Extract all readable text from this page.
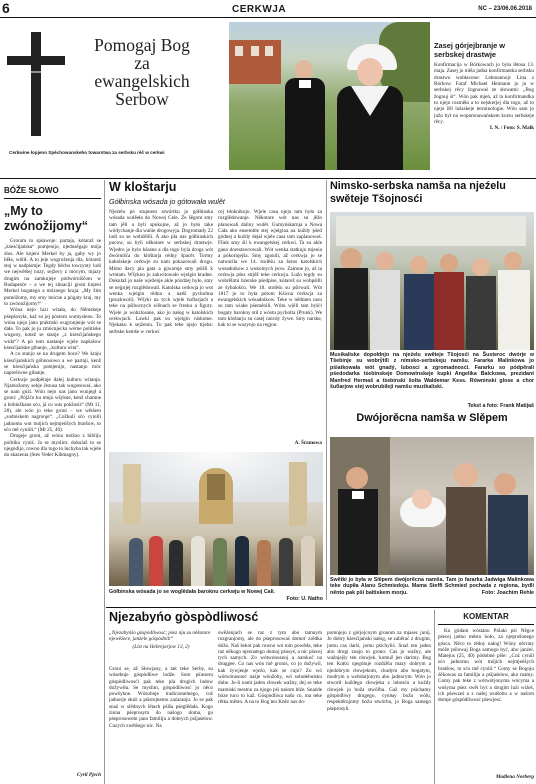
6	CERKWJA	NC – 23/06.06.2018
Pomogaj Bog
za
ewangelskich
Serbow
Cerkwine łopjeno Spěchowanskeho towarstwa za serbsku rěč w cerkwi
Zasej górjejbranje w serbskej drastwje
Konfirmacija w Bórkowach jo była lětosa 13. maja. Zasej jo měla jadna konfirmantka serbsku drastwu wobłacone: Lehmannojc Lina z Bórkow. Faraf Michael Heimann jo ju w serbskej rěcy žognował ze słowami: „Bog žognuj śi“. Wón pak mjeń, až ta konfirmandka to njejo rozměła a to nejskerjej dla togo, až to njejo žěl lušaskeje terminologie. Wón sam jo južo był na wopomnawańskem kursu serbskeje rěcy.
I. N. / Foto: S. Malk
BÓŽE SŁOWO
„My to
zwónožijomy“
Gronim to spśawnje: partaja, kótaraž se „kśesćijańska“ pomjenijo, njedosěgajo mója złos. Ale knjeni Merkel by ja, gaby wy jo běła, wólił. A to jeje wugroženja dla, kótarež stoj w nadpismje: Tegdy běchu towzynty ludi we nejwětšej nuzy, sejžecy z mócym, mjazy drugim na zamknjeje pódwórniščom w Budapesće – a we tej situaciji groni knjeni Merkel bogatego a móznego kraja: „My žim pomóžomy, my smy mócne a pógaty kraj, my to zwónožijomy!“
Wónа nejo luzi witała, do Němskeje pśepšosyła, kaž su jej póstom wumyslenu. To wóna njejo jano praktiski wugronjenje wót se dała. To pak jo ju zmócnjecka wérne politiske wugony, kotež se stanje „z kśesćijańskego wida“? A pó tom nastanje wjele napšašow kśesćijańske gibanje, „kultura wita“.
A co stanjo se na drugem boce? We kraju kśesćijańskich góbnosowo a we partaji, kenž se kśesćijańska pomjenijo, nastanjo móc naprešiwne gibanje.
Cerkwje podpěraje dalej kulturu witanja. Njamožomy sebje Jezusa tak wugotowaś, ako se nam góźi. Wón nejo nas jano wunjegł a groni: „Pójźćo ku mnjo wšykne, kenž chamne a bóbiežkane sćo, já cu was pokšosiś“ (Mt 11, 28), ale wón jo teke groni – we wětšem „sudniskem nagronje“. „Cožkuli sćo cyniili jadnomu wot mójich nejmjeńšych bratšow, to sćo mě cyniili.“ (Mt 25, 40).
Drugeje groni, až wóna móžno z bibliju politiku cyniś. Ja se myslim: dokulaž to se njegódijo, rowno dla togo to luchyba tak wjele do skazenia (Stes Veder Kibmagny).
Cyril Pjech
W kloštarju
Gółbinska wósada jo gótowała wulět
Njeźelu pó stupnem stwórtku jo gółbinska wósada wulěeła do Nowej Cele. Źe šěgom smy tam jěli a byli spokojne, až jo było take wódychanje dla wańie drogowyja. Dogromady 22 ludi su se wobźělili. A ako pla nas gółbinskich pucow, su byli někotare w serbskej drastwje. Wjedro jo bylo kšasne a dla togo bylа droga wót dwórnišća do klóštarja rédny špacěr. Tormy kaholskeje cerkwje su nam pokazowali drogu. Mimo dacy pla gata a pjwarnje smy pśišli k wrotam. Wšykno jo zakwitowało wjelgin kradne. Dokulaž jo naše wježenje akle pózdźej było, smy se nejprjej rozglědowali. Katolska cerkwja jo wot wenka wjelgin rědna a natši pycholtna (pruzkwoli). Wšyki na tych wjele hoftarjach a teke na pśibocnych sćěnach se fresku a figury. Wjele jo wobzlosane, ako jo nałog w katolskich cerkwjach. Lawki pak su wjelgin niskotne. Njekaku k sejźeniu. To pak teke njejo trjeba: serbske kemše w cerkwi
cej łdoknikujo. Wjele casa njejo tam było za rozglědowanje. Někotare wót nas su jěžo planowali daliny wulět. Gumyńskarnja a Nowa Cała ako ensemble stej wjelgina na kuždy pśed gódnej a kuždy dejał wjele casa tam zaplanowaś. Flink smy śli k ewangelskej cerkwi. Ta su akle gano dorestawrowali. Wót wenka statkujo mjenia a pókornjejša. Smy zgonili, až cerkwja jo se natwarila we 14. stolěśu za šerus katolskich wosadnikow z wokolnych jsow. Zaimne jo, až ta cerkwja pśez strjěž teke cerkwja. Lužo tegdy su wobrělimi bźerske pśedpise, kótarež su wobpśilli ze šybalošcu. We 18. stolěśu su pśirwali. Wót 1817 jo to była pótom Kśicna cerkwja za ewangelskich wósadnikow. Teke w nědmen casu su tam wiake pśeménili. Wótu wjěli tam byšći bogaty baroknу stil z wóstu pycholta (Prunk). We tom kloštarju su casej nnicdy žywe. Smy narske, kak to se wuzynjo na regjon.
A. Šramowa
Gółbinska wósada jo se woglědała baroknu cerkwju w Nowej Cali.
Foto: U. Natho
Nimsko-serbska namša na njeźelu swěteje Tšojnosći
Musikaliske dopołdnjo na njeźelu swětеje Tšojosći na Šusterоc dwórje w Tšebinje su wobrўtili z nimsko-serbskeju namšu. Fararka Malinkowa jo pśiatkowała wót gnadý, luboscí a zgromadnosći. Fararku so pódpěrali pśedodarka tśebinskeje Domowinskeje kupki Angelika Balckowa, prezidant Manfred Hermaš a tśebinski šoltа Waldemar Kess. Równinski glose a chor šuбarjow stej wobrubileji namšu muzikaliski.
Tekst a foto: Frank Matijaš
Dwójorěcna namša w Slěpem
Swětki jo była w Slěpem dwójorěcna namša. Tam jo fararka Jadwiga Malinkowa teke dupiła Alanu Schmiedoju. Mama Steffi Schmied pochada z regiona, bydli něnto pak pši baltiskem morju.	Foto: Joachim Rehle
Njezabyńo gòspòdliwosć
„Njezabyńšo gòspòdliwosć; pśez nju su někotare njewěźece, janźele góspòdnili“
(List na Hebrejarjow 13, 2)
Groni se, až Słowjany, a tak teke Serby, su wósebnje góspòdliwe ludźe. Som pśiezeru góspòdliwosći pak teke pla drugich ludow dožywiła. Se myslim, góspòdliwosć jo něco powšykne. Wósobnje tradicionelnego, což jadnorje służi a pśistojnemu zaźaranju. Jo se pak snaź w slědnych lětach pśiša pśeglědała. Kogo zinna pśeprosym do našogo doma, gu pśeprosowem jano familiju a dobrych pśijaśelow. Cuzych zwětšego nic. Na
swěźenjach se raz z tym abo tamnym rozgranjomy, ale do pśeprosowaś domoť zrědka dóžo. Naš šekot pak rowno wó tom powěda, teke raz někogo njeznatego domoj pśosyś, a nic pśecej tych samych. Zo wótwónosnoj a narskoč na druggee. Co nas wón mě groniś, co jo dožywil, kak źywjenje wjeźo, kak se cujo? Zo wó wótwónosnoć naśje wóužoby, wó sobułebulsku dube. Jo-li nami jaden cłowek wažny, dej se teke mamiski mestno za njogo pśi naśom blźe. Snaźde bóze tuco to kaž. Góspòdliwa našo co, ma teke rětka město. A na to Bog ten Kněz nas do-
pomnjejo z górjejcnym gronom za mjasec junij. Jo dobry kśesćijański nałog, se zaběrać z drugim, jomu cas dariś, jomu pśichyliś. Snaź ten jaden abo drugi znajo to grono: Cas jo wažny, ale wažnjejšy ten cłowjek, komuž jen darimy. Bog ten Knězi njegótuje rozdźěla mazy dobrym a njedobrym cłowjekom, chudym abo bogatym, mudrym a wobdarjonym abo jadnorym. Wón jo stworił kuždego cłowjeka z lubosću a kuždy cłowjek jo boža stwóřba. Gaž my pśichamy góspòdliwy drugego, cyniмy božu wólu, respektěrujomy božu stwórbu, jo Boga samego pśeprosyli.
KOMENTAR
Ku gódam wóstanu Pólaki pśi Něgce pśecej jadno město hoło, za njeprošonego gósca. Něco to rědny nałog! Wóny něcraty móže pólowaj Bogа samogo być, abo janźel. Matejus (25, 40) pódobné píše: „Coź cyniil sćo jadnomu wót mójich nejmjeńšych bratšow, to sćo mě cyniil.“ Comy se Bogoju źěkowas za familiju a pśijaśelow, ako mamy. Comy pak teke z wótwórjonyma wócyma a wušyma pśez swět hyś a drugim luźi wiźeś, ich pśewześ a z našej wutšobu a w našom domje góspòdliwosć pśewjesć.
Madlena Norberg
